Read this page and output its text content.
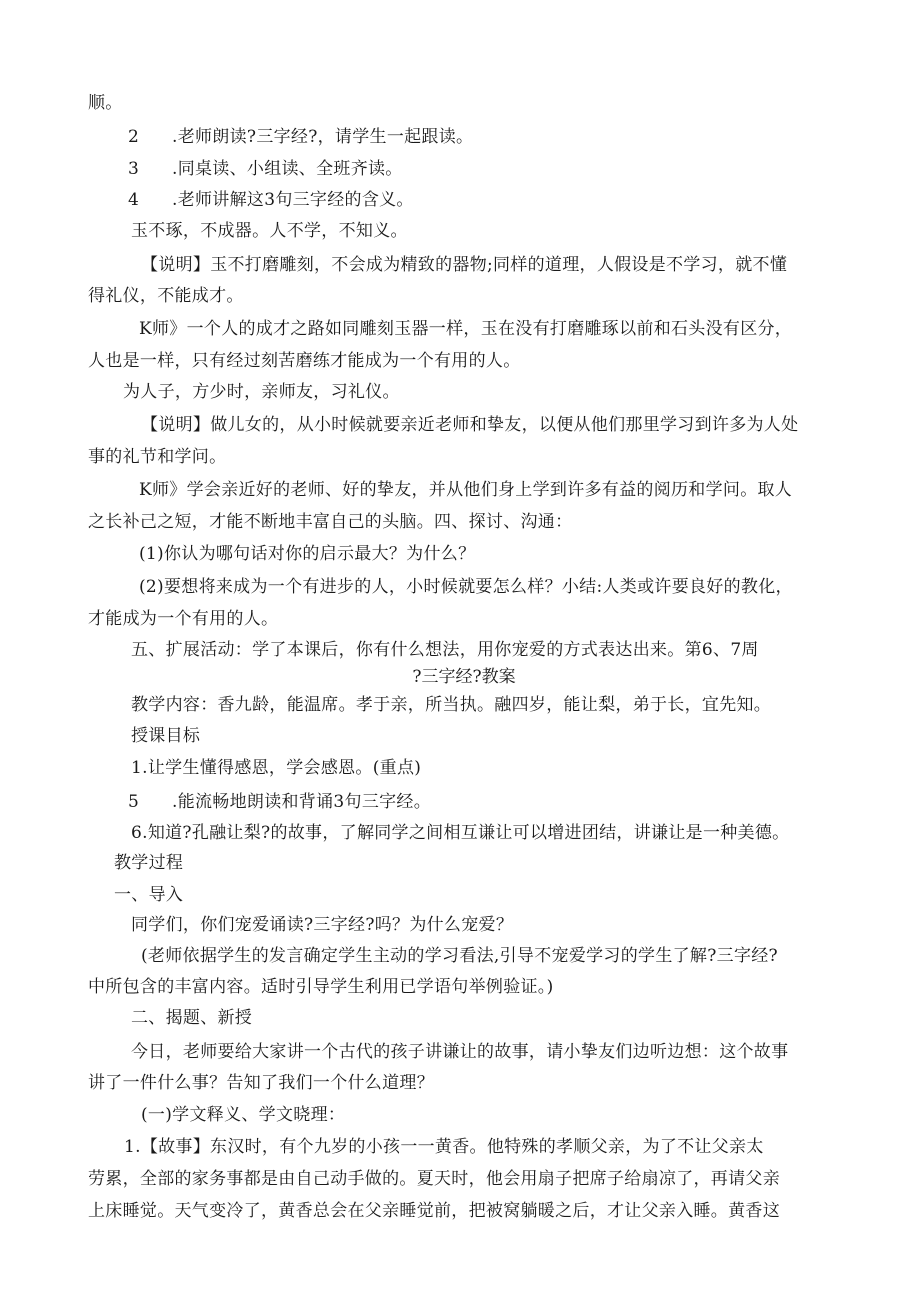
顺。
2 .老师朗读?三字经?，请学生一起跟读。
3 .同桌读、小组读、全班齐读。
4 .老师讲解这3句三字经的含义。
玉不琢，不成器。人不学，不知义。
【说明】玉不打磨雕刻，不会成为精致的器物;同样的道理，人假设是不学习，就不懂
得礼仪，不能成才。
K师》一个人的成才之路如同雕刻玉器一样，玉在没有打磨雕琢以前和石头没有区分，
人也是一样，只有经过刻苦磨练才能成为一个有用的人。
为人子，方少时，亲师友，习礼仪。
【说明】做儿女的，从小时候就要亲近老师和挚友，以便从他们那里学习到许多为人处
事的礼节和学问。
K师》学会亲近好的老师、好的挚友，并从他们身上学到许多有益的阅历和学问。取人
之长补己之短，才能不断地丰富自己的头脑。四、探讨、沟通：
(1)你认为哪句话对你的启示最大？为什么？
(2)要想将来成为一个有进步的人，小时候就要怎么样？小结:人类或许要良好的教化，
才能成为一个有用的人。
五、扩展活动：学了本课后，你有什么想法，用你宠爱的方式表达出来。第6、7周
?三字经?教案
教学内容：香九龄，能温席。孝于亲，所当执。融四岁，能让梨，弟于长，宜先知。
授课目标
1.让学生懂得感恩，学会感恩。(重点)
5 .能流畅地朗读和背诵3句三字经。
6.知道?孔融让梨?的故事，了解同学之间相互谦让可以增进团结，讲谦让是一种美德。
教学过程
一、导入
同学们，你们宠爱诵读?三字经?吗？为什么宠爱？
(老师依据学生的发言确定学生主动的学习看法,引导不宠爱学习的学生了解?三字经?
中所包含的丰富内容。适时引导学生利用已学语句举例验证。)
二、揭题、新授
今日，老师要给大家讲一个古代的孩子讲谦让的故事，请小挚友们边听边想：这个故事
讲了一件什么事？告知了我们一个什么道理？
(一)学文释义、学文晓理：
1.【故事】东汉时，有个九岁的小孩一一黄香。他特殊的孝顺父亲，为了不让父亲太
劳累，全部的家务事都是由自己动手做的。夏天时，他会用扇子把席子给扇凉了，再请父亲
上床睡觉。天气变冷了，黄香总会在父亲睡觉前，把被窝躺暖之后，才让父亲入睡。黄香这
